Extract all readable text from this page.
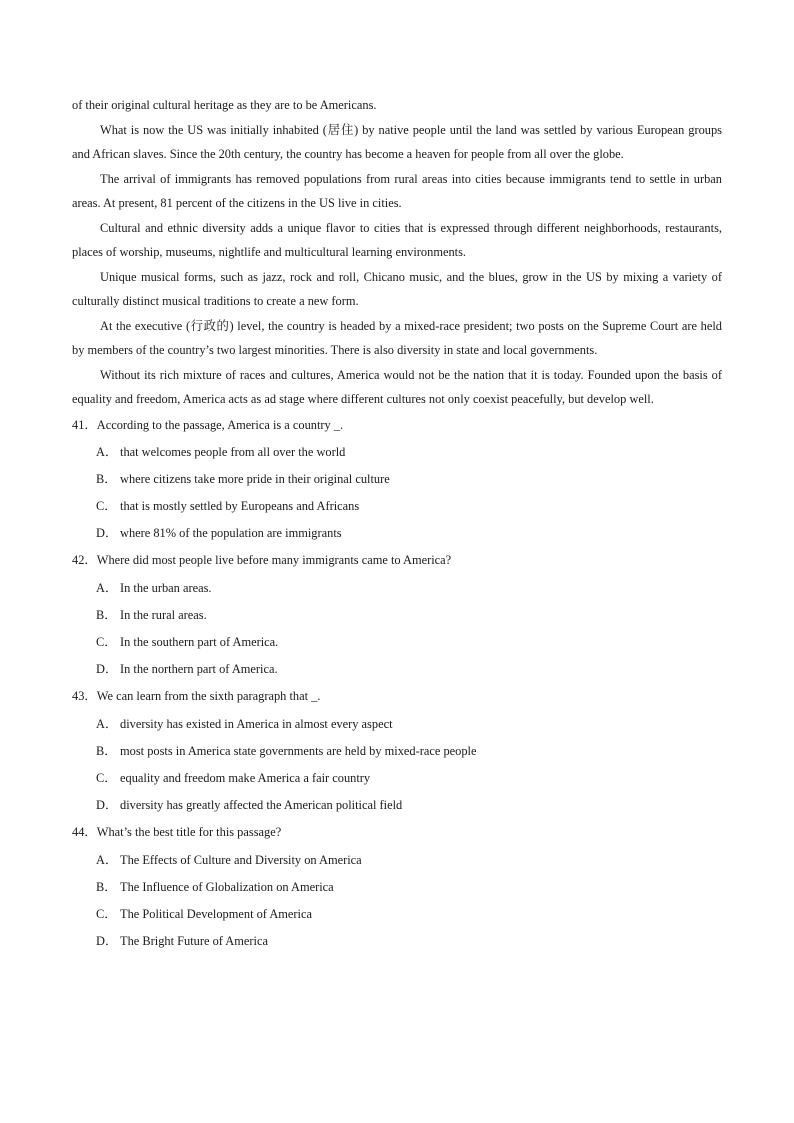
of their original cultural heritage as they are to be Americans.

What is now the US was initially inhabited (居住) by native people until the land was settled by various European groups and African slaves. Since the 20th century, the country has become a heaven for people from all over the globe.

The arrival of immigrants has removed populations from rural areas into cities because immigrants tend to settle in urban areas. At present, 81 percent of the citizens in the US live in cities.

Cultural and ethnic diversity adds a unique flavor to cities that is expressed through different neighborhoods, restaurants, places of worship, museums, nightlife and multicultural learning environments.

Unique musical forms, such as jazz, rock and roll, Chicano music, and the blues, grow in the US by mixing a variety of culturally distinct musical traditions to create a new form.

At the executive (行政的) level, the country is headed by a mixed-race president; two posts on the Supreme Court are held by members of the country’s two largest minorities. There is also diversity in state and local governments.

Without its rich mixture of races and cultures, America would not be the nation that it is today. Founded upon the basis of equality and freedom, America acts as ad stage where different cultures not only coexist peacefully, but develop well.

41．According to the passage, America is a country _.
A． that welcomes people from all over the world
B． where citizens take more pride in their original culture
C． that is mostly settled by Europeans and Africans
D． where 81% of the population are immigrants
42．Where did most people live before many immigrants came to America?
A． In the urban areas.
B． In the rural areas.
C． In the southern part of America.
D． In the northern part of America.
43．We can learn from the sixth paragraph that _.
A． diversity has existed in America in almost every aspect
B． most posts in America state governments are held by mixed-race people
C． equality and freedom make America a fair country
D． diversity has greatly affected the American political field
44．What’s the best title for this passage?
A． The Effects of Culture and Diversity on America
B． The Influence of Globalization on America
C． The Political Development of America
D． The Bright Future of America
